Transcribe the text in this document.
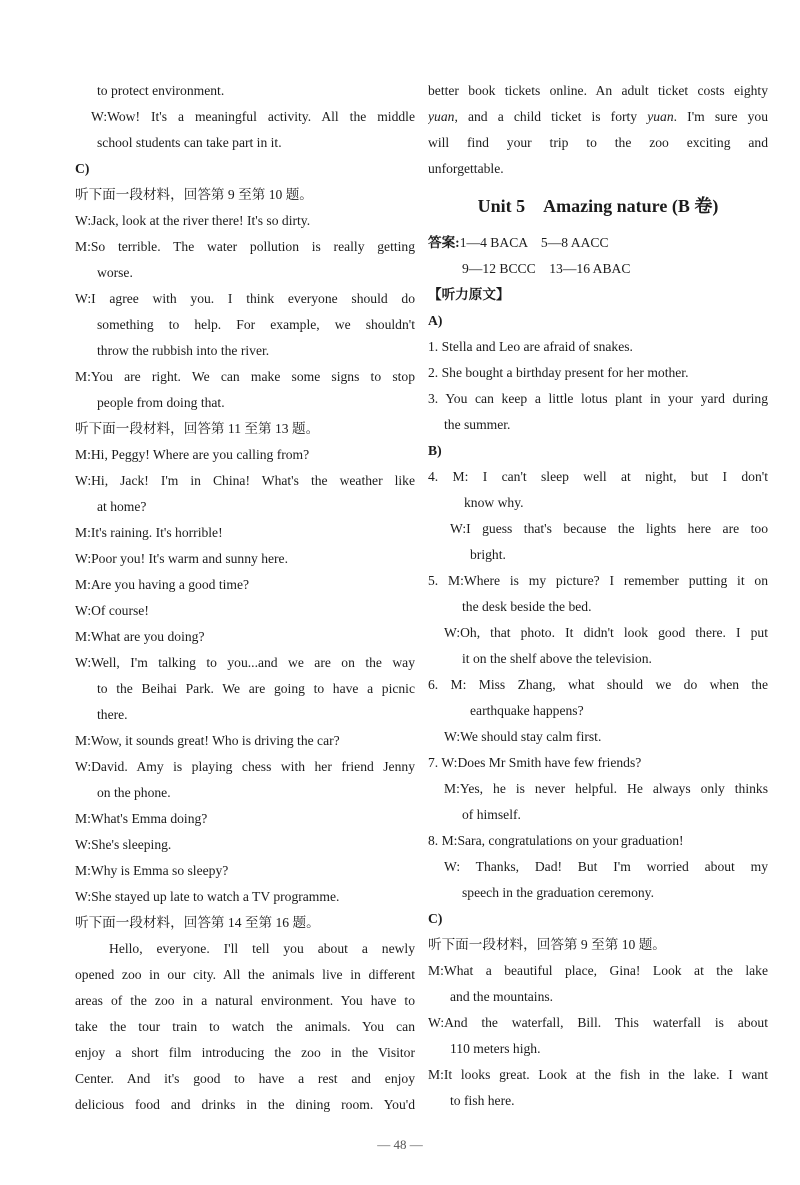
to protect environment.
W:Wow! It's a meaningful activity. All the middle
school students can take part in it.
C)
听下面一段材料，回答第 9 至第 10 题。
W:Jack, look at the river there! It's so dirty.
M:So terrible. The water pollution is really getting
worse.
W:I agree with you. I think everyone should do
something to help. For example, we shouldn't
throw the rubbish into the river.
M:You are right. We can make some signs to stop
people from doing that.
听下面一段材料，回答第 11 至第 13 题。
M:Hi, Peggy! Where are you calling from?
W:Hi, Jack! I'm in China! What's the weather like
at home?
M:It's raining. It's horrible!
W:Poor you! It's warm and sunny here.
M:Are you having a good time?
W:Of course!
M:What are you doing?
W:Well, I'm talking to you...and we are on the way
to the Beihai Park. We are going to have a picnic
there.
M:Wow, it sounds great! Who is driving the car?
W:David. Amy is playing chess with her friend Jenny
on the phone.
M:What's Emma doing?
W:She's sleeping.
M:Why is Emma so sleepy?
W:She stayed up late to watch a TV programme.
听下面一段材料，回答第 14 至第 16 题。
Hello, everyone. I'll tell you about a newly
opened zoo in our city. All the animals live in different
areas of the zoo in a natural environment. You have to
take the tour train to watch the animals. You can
enjoy a short film introducing the zoo in the Visitor
Center. And it's good to have a rest and enjoy
delicious food and drinks in the dining room. You'd
better book tickets online. An adult ticket costs eighty
yuan, and a child ticket is forty yuan. I'm sure you
will find your trip to the zoo exciting and
unforgettable.
Unit 5　Amazing nature (B 卷)
答案:1—4 BACA　5—8 AACC
9—12 BCCC　13—16 ABAC
【听力原文】
A)
1. Stella and Leo are afraid of snakes.
2. She bought a birthday present for her mother.
3. You can keep a little lotus plant in your yard during
the summer.
B)
4. M: I can't sleep well at night, but I don't
know why.
W:I guess that's because the lights here are too
bright.
5. M:Where is my picture? I remember putting it on
the desk beside the bed.
W:Oh, that photo. It didn't look good there. I put
it on the shelf above the television.
6. M: Miss Zhang, what should we do when the
earthquake happens?
W:We should stay calm first.
7. W:Does Mr Smith have few friends?
M:Yes, he is never helpful. He always only thinks
of himself.
8. M:Sara, congratulations on your graduation!
W: Thanks, Dad! But I'm worried about my
speech in the graduation ceremony.
C)
听下面一段材料，回答第 9 至第 10 题。
M:What a beautiful place, Gina! Look at the lake
and the mountains.
W:And the waterfall, Bill. This waterfall is about
110 meters high.
M:It looks great. Look at the fish in the lake. I want
to fish here.
— 48 —
